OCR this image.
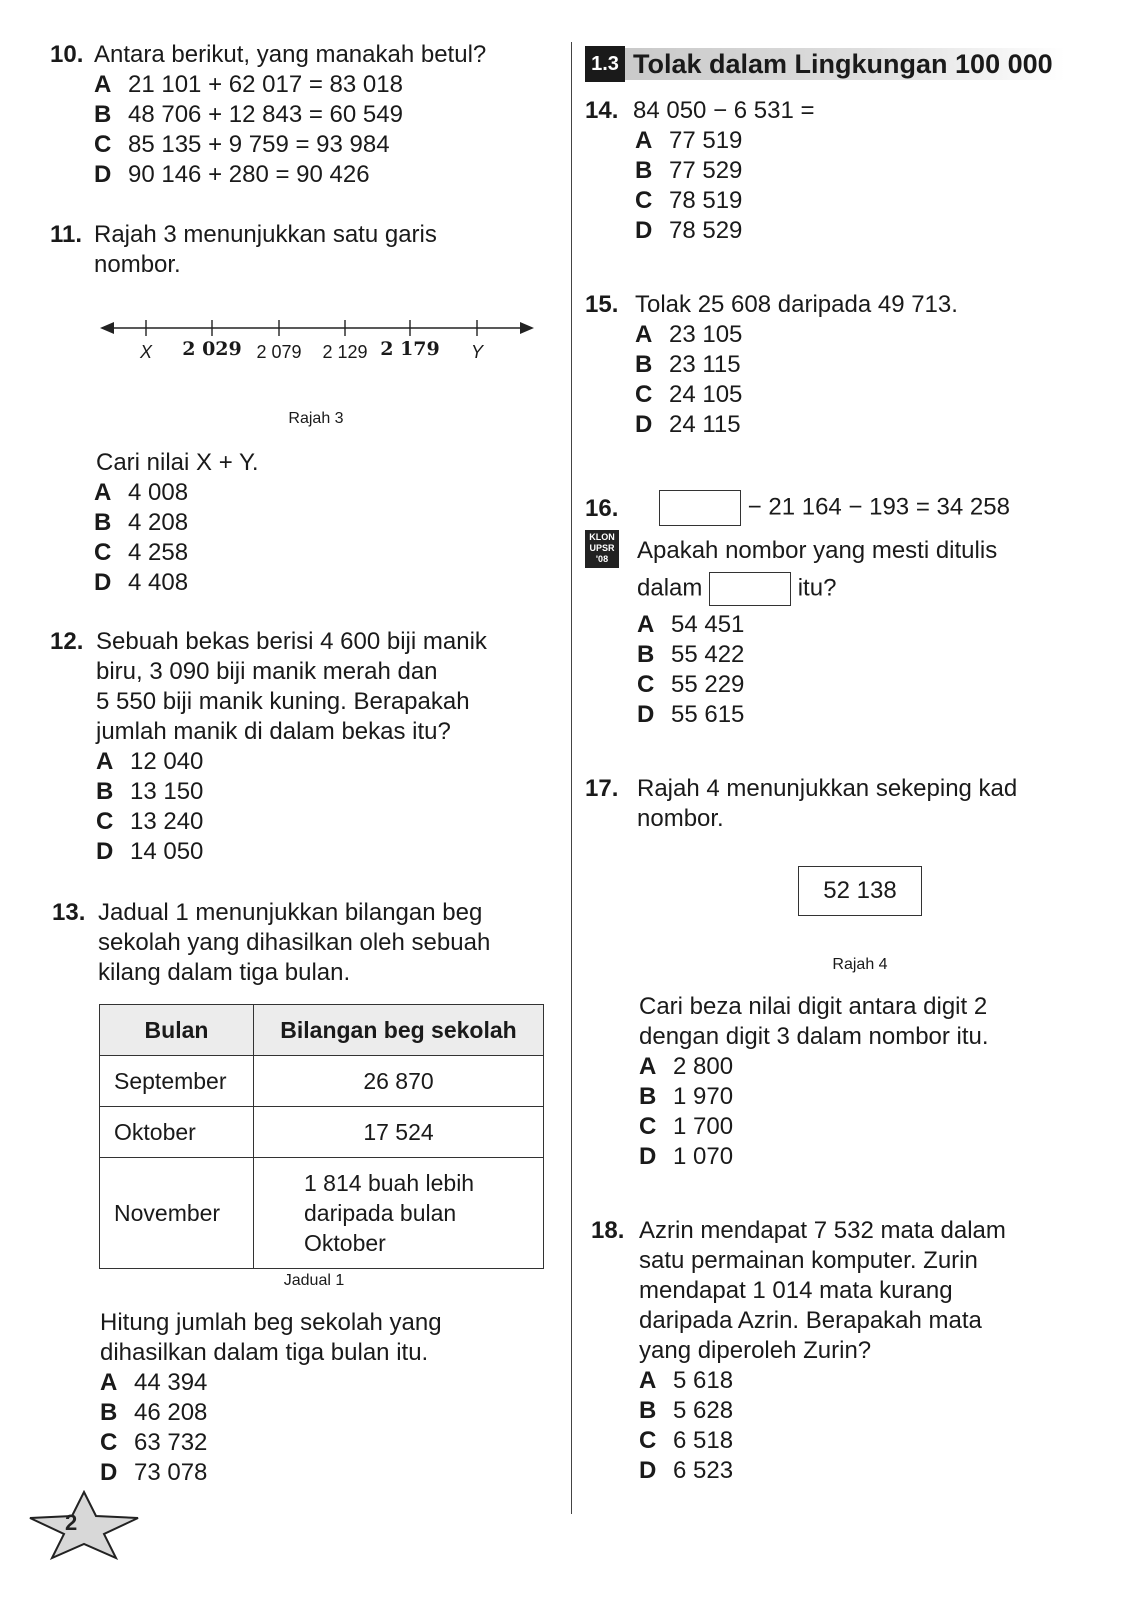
10. Antara berikut, yang manakah betul?
A 21 101 + 62 017 = 83 018
B 48 706 + 12 843 = 60 549
C 85 135 + 9 759 = 93 984
D 90 146 + 280 = 90 426
11. Rajah 3 menunjukkan satu garis
nombor.
X 2 029 2 079 2 129 2 179 Y
Rajah 3
Cari nilai X + Y.
A 4 008
B 4 208
C 4 258
D 4 408
12. Sebuah bekas berisi 4 600 biji manik
biru, 3 090 biji manik merah dan
5 550 biji manik kuning. Berapakah
jumlah manik di dalam bekas itu?
A 12 040
B 13 150
C 13 240
D 14 050
13. Jadual 1 menunjukkan bilangan beg
sekolah yang dihasilkan oleh sebuah
kilang dalam tiga bulan.
Bulan	Bilangan beg sekolah
September	26 870
Oktober	17 524
November	1 814 buah lebih
daripada bulan
Oktober
Jadual 1
Hitung jumlah beg sekolah yang
dihasilkan dalam tiga bulan itu.
A 44 394
B 46 208
C 63 732
D 73 078
2
1.3 Tolak dalam Lingkungan 100 000
14. 84 050 − 6 531 =
A 77 519
B 77 529
C 78 519
D 78 529
15. Tolak 25 608 daripada 49 713.
A 23 105
B 23 115
C 24 105
D 24 115
16.	− 21 164 − 193 = 34 258
KLON
UPSR
'08	Apakah nombor yang mesti ditulis
dalam	itu?
A 54 451
B 55 422
C 55 229
D 55 615
17. Rajah 4 menunjukkan sekeping kad
nombor.
52 138
Rajah 4
Cari beza nilai digit antara digit 2
dengan digit 3 dalam nombor itu.
A 2 800
B 1 970
C 1 700
D 1 070
18. Azrin mendapat 7 532 mata dalam
satu permainan komputer. Zurin
mendapat 1 014 mata kurang
daripada Azrin. Berapakah mata
yang diperoleh Zurin?
A 5 618
B 5 628
C 6 518
D 6 523
